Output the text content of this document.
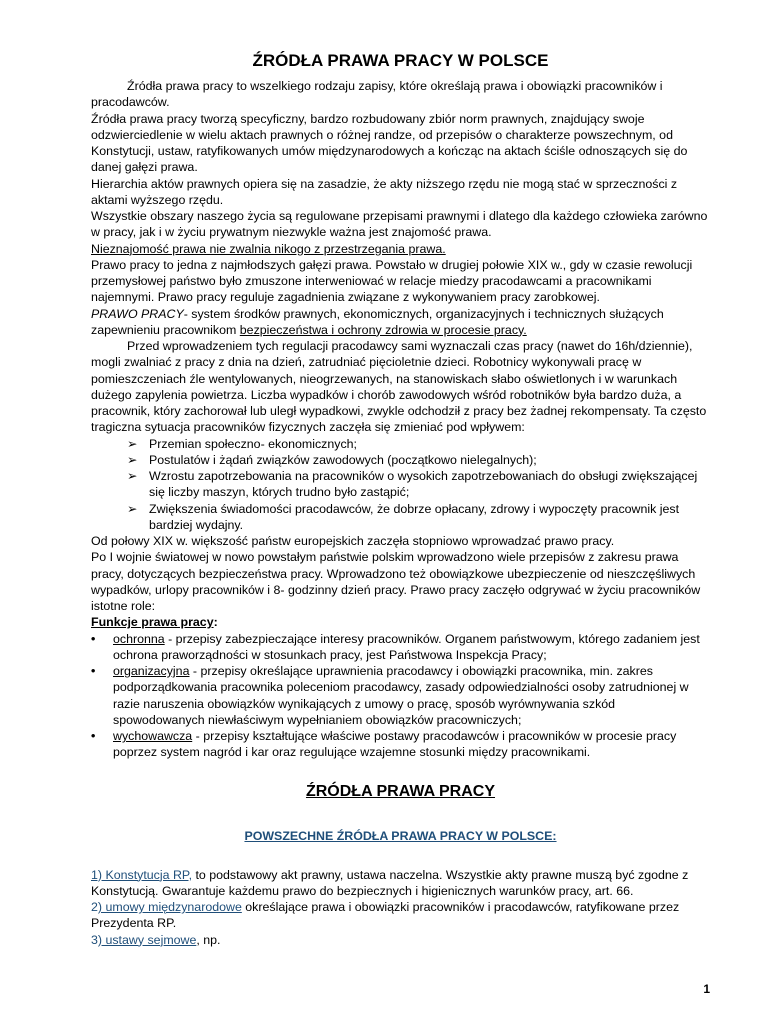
ŹRÓDŁA PRAWA PRACY W POLSCE

Źródła prawa pracy to wszelkiego rodzaju zapisy, które określają prawa i obowiązki pracowników i pracodawców.

Źródła prawa pracy tworzą specyficzny, bardzo rozbudowany zbiór norm prawnych, znajdujący swoje odzwierciedlenie w wielu aktach prawnych o różnej randze, od przepisów o charakterze powszechnym, od Konstytucji, ustaw, ratyfikowanych umów międzynarodowych a kończąc na aktach ściśle odnoszących się do danej gałęzi prawa.

Hierarchia aktów prawnych opiera się na zasadzie, że akty niższego rzędu nie mogą stać w sprzeczności z aktami wyższego rzędu.

Wszystkie obszary naszego życia są regulowane przepisami prawnymi i dlatego dla każdego człowieka zarówno w pracy, jak i w życiu prywatnym niezwykle ważna jest znajomość prawa.

Nieznajomość prawa nie zwalnia nikogo z przestrzegania prawa.

Prawo pracy to jedna z najmłodszych gałęzi prawa. Powstało w drugiej połowie XIX w., gdy w czasie rewolucji przemysłowej państwo było zmuszone interweniować w relacje miedzy pracodawcami a pracownikami najemnymi. Prawo pracy reguluje zagadnienia związane z wykonywaniem pracy zarobkowej.

PRAWO PRACY- system środków prawnych, ekonomicznych, organizacyjnych i technicznych służących zapewnieniu pracownikom bezpieczeństwa i ochrony zdrowia w procesie pracy.

Przed wprowadzeniem tych regulacji pracodawcy sami wyznaczali czas pracy (nawet do 16h/dziennie), mogli zwalniać z pracy z dnia na dzień, zatrudniać pięcioletnie dzieci. Robotnicy wykonywali pracę w pomieszczeniach źle wentylowanych, nieogrzewanych, na stanowiskach słabo oświetlonych i w warunkach dużego zapylenia powietrza. Liczba wypadków i chorób zawodowych wśród robotników była bardzo duża, a pracownik, który zachorował lub uległ wypadkowi, zwykle odchodził z pracy bez żadnej rekompensaty. Ta często tragiczna sytuacja pracowników fizycznych zaczęła się zmieniać pod wpływem:

➢ Przemian społeczno- ekonomicznych;
➢ Postulatów i żądań związków zawodowych (początkowo nielegalnych);
➢ Wzrostu zapotrzebowania na pracowników o wysokich zapotrzebowaniach do obsługi zwiększającej się liczby maszyn, których trudno było zastąpić;
➢ Zwiększenia świadomości pracodawców, że dobrze opłacany, zdrowy i wypoczęty pracownik jest bardziej wydajny.

Od połowy XIX w. większość państw europejskich zaczęła stopniowo wprowadzać prawo pracy.

Po I wojnie światowej w nowo powstałym państwie polskim wprowadzono wiele przepisów z zakresu prawa pracy, dotyczących bezpieczeństwa pracy. Wprowadzono też obowiązkowe ubezpieczenie od nieszczęśliwych wypadków, urlopy pracowników i 8- godzinny dzień pracy. Prawo pracy zaczęło odgrywać w życiu pracowników istotne role:

Funkcje prawa pracy:

• ochronna - przepisy zabezpieczające interesy pracowników. Organem państwowym, którego zadaniem jest ochrona praworządności w stosunkach pracy, jest Państwowa Inspekcja Pracy;
• organizacyjna - przepisy określające uprawnienia pracodawcy i obowiązki pracownika, min. zakres podporządkowania pracownika poleceniom pracodawcy, zasady odpowiedzialności osoby zatrudnionej w razie naruszenia obowiązków wynikających z umowy o pracę, sposób wyrównywania szkód spowodowanych niewłaściwym wypełnianiem obowiązków pracowniczych;
• wychowawcza - przepisy kształtujące właściwe postawy pracodawców i pracowników w procesie pracy poprzez system nagród i kar oraz regulujące wzajemne stosunki między pracownikami.
ŹRÓDŁA PRAWA PRACY
POWSZECHNE ŹRÓDŁA PRAWA PRACY W POLSCE:

1) Konstytucja RP, to podstawowy akt prawny, ustawa naczelna. Wszystkie akty prawne muszą być zgodne z Konstytucją. Gwarantuje każdemu prawo do bezpiecznych i higienicznych warunków pracy, art. 66.

2) umowy międzynarodowe określające prawa i obowiązki pracowników i pracodawców, ratyfikowane przez Prezydenta RP.

3) ustawy sejmowe, np.

1
